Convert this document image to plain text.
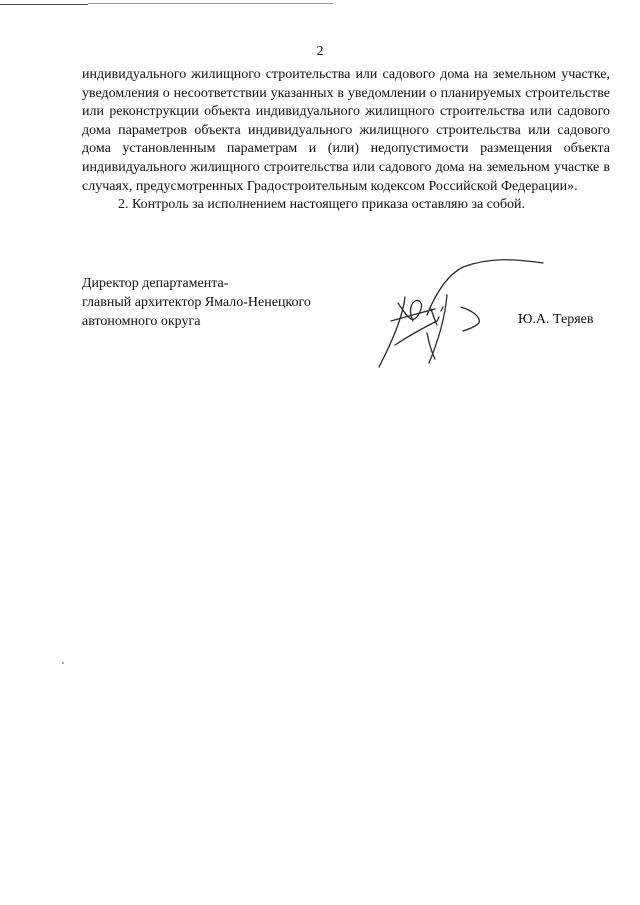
2

индивидуального жилищного строительства или садового дома на земельном участке, уведомления о несоответствии указанных в уведомлении о планируемых строительстве или реконструкции объекта индивидуального жилищного строительства или садового дома параметров объекта индивидуального жилищного строительства или садового дома установленным параметрам и (или) недопустимости размещения объекта индивидуального жилищного строительства или садового дома на земельном участке в случаях, предусмотренных Градостроительным кодексом Российской Федерации».

2. Контроль за исполнением настоящего приказа оставляю за собой.

Директор департамента-
главный архитектор Ямало-Ненецкого
автономного округа	Ю.А. Теряев
